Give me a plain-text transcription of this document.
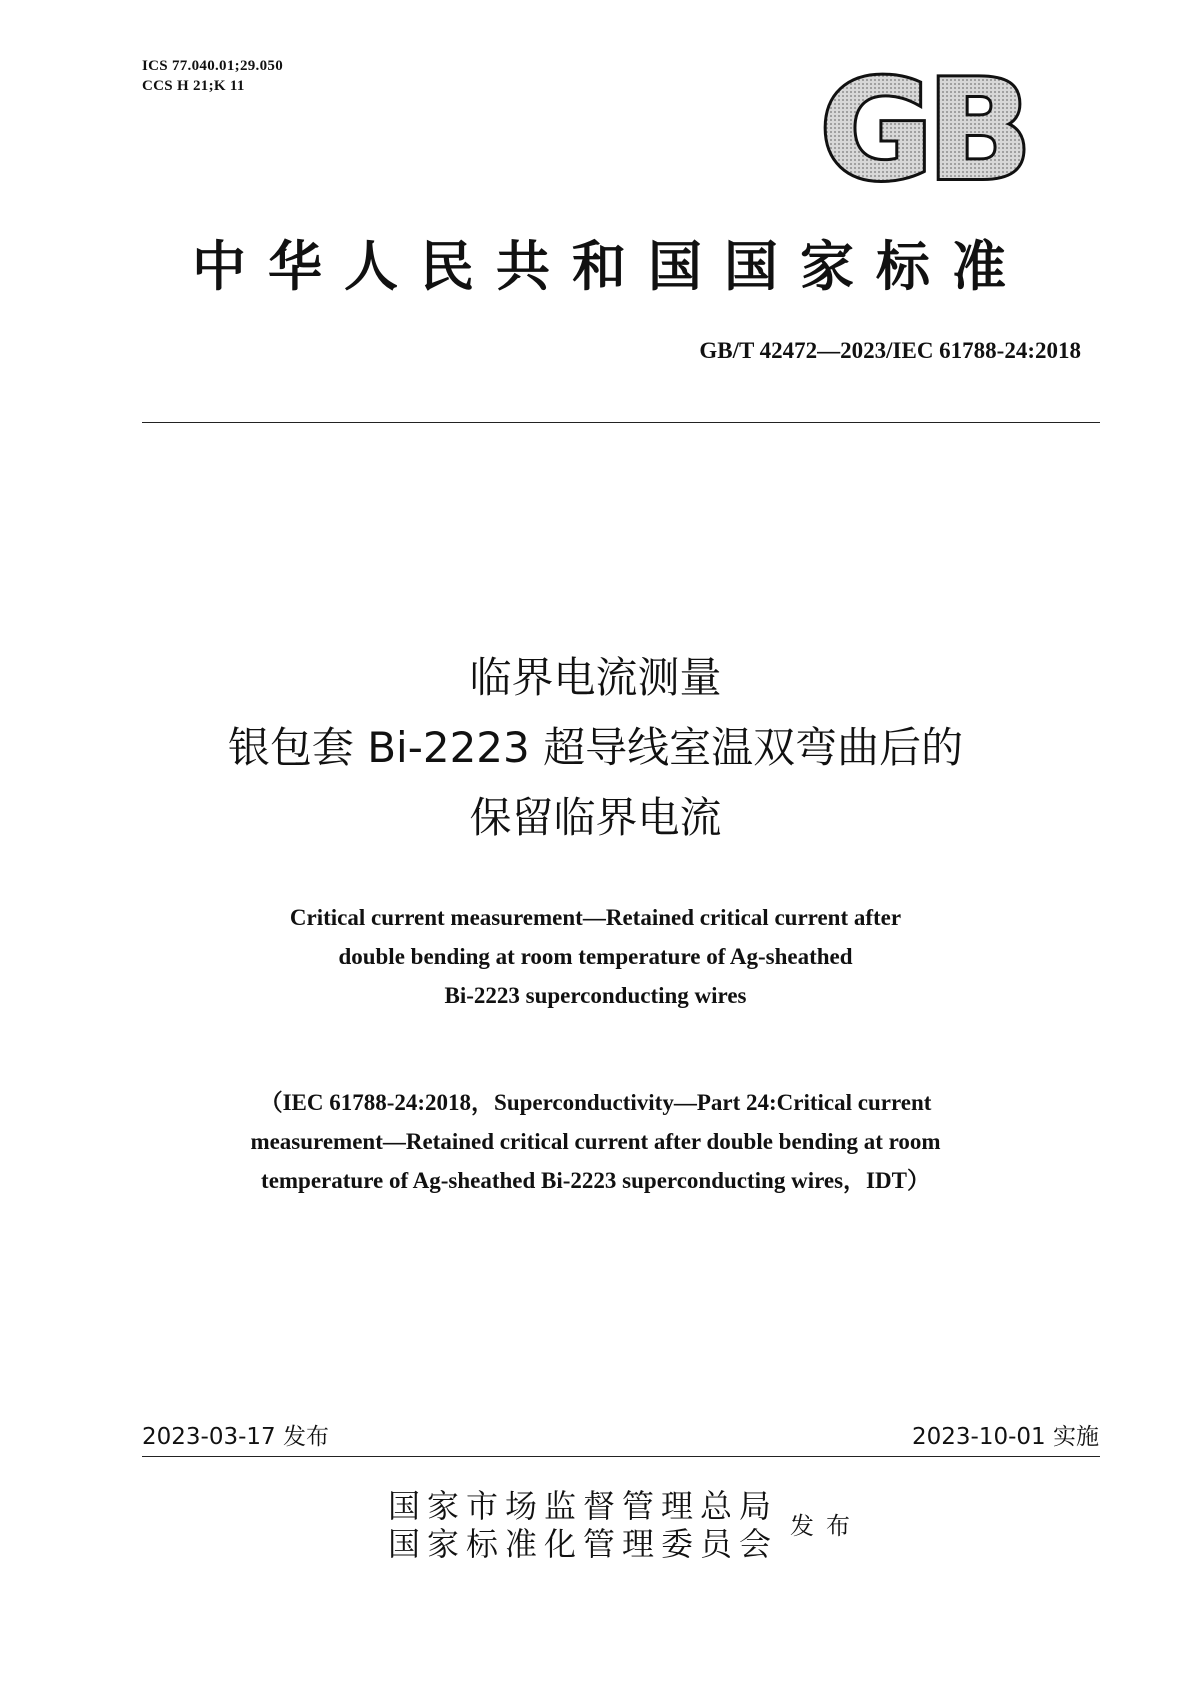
ICS 77.040.01;29.050
CCS H 21;K 11	GB
中华人民共和国国家标准
GB/T 42472—2023/IEC 61788-24:2018
临界电流测量
银包套 Bi-2223 超导线室温双弯曲后的
保留临界电流
Critical current measurement—Retained critical current after
double bending at room temperature of Ag-sheathed
Bi-2223 superconducting wires
（IEC 61788-24:2018，Superconductivity—Part 24:Critical current
measurement—Retained critical current after double bending at room
temperature of Ag-sheathed Bi-2223 superconducting wires，IDT）
2023-03-17 发布	2023-10-01 实施
国家市场监督管理总局
国家标准化管理委员会 发布
